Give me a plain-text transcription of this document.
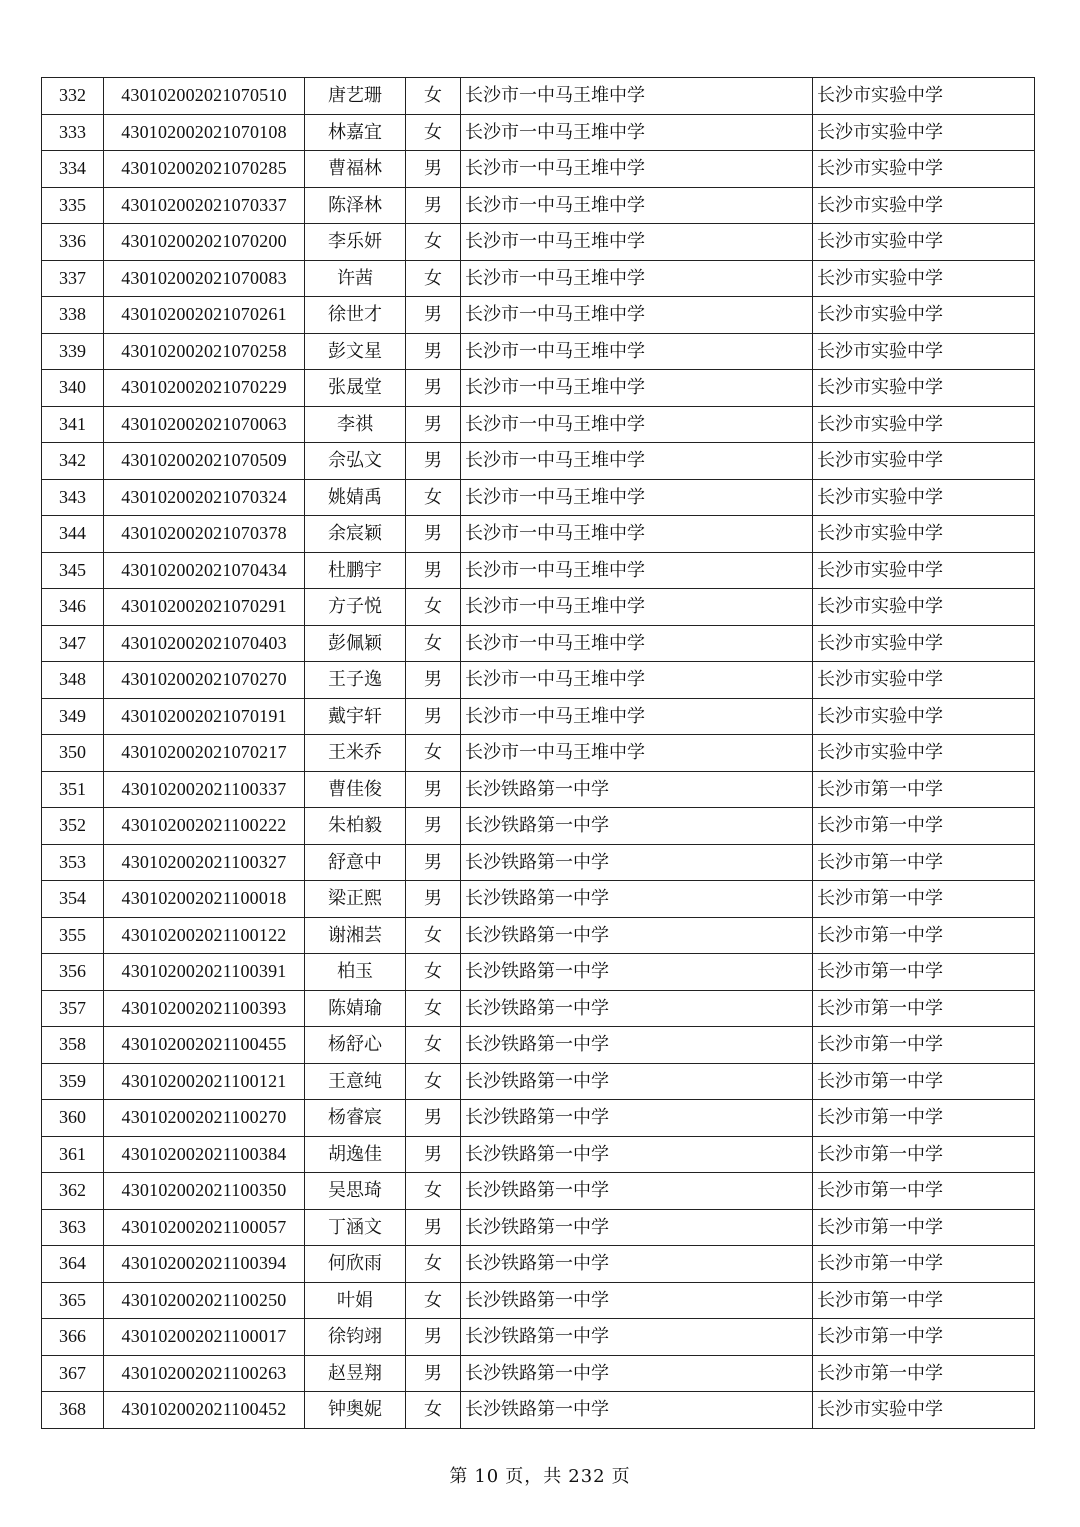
332	430102002021070510	唐艺珊	女	长沙市一中马王堆中学	长沙市实验中学
333	430102002021070108	林嘉宜	女	长沙市一中马王堆中学	长沙市实验中学
334	430102002021070285	曹福林	男	长沙市一中马王堆中学	长沙市实验中学
335	430102002021070337	陈泽林	男	长沙市一中马王堆中学	长沙市实验中学
336	430102002021070200	李乐妍	女	长沙市一中马王堆中学	长沙市实验中学
337	430102002021070083	许茜	女	长沙市一中马王堆中学	长沙市实验中学
338	430102002021070261	徐世才	男	长沙市一中马王堆中学	长沙市实验中学
339	430102002021070258	彭文星	男	长沙市一中马王堆中学	长沙市实验中学
340	430102002021070229	张晟堂	男	长沙市一中马王堆中学	长沙市实验中学
341	430102002021070063	李祺	男	长沙市一中马王堆中学	长沙市实验中学
342	430102002021070509	佘弘文	男	长沙市一中马王堆中学	长沙市实验中学
343	430102002021070324	姚婧禹	女	长沙市一中马王堆中学	长沙市实验中学
344	430102002021070378	余宸颖	男	长沙市一中马王堆中学	长沙市实验中学
345	430102002021070434	杜鹏宇	男	长沙市一中马王堆中学	长沙市实验中学
346	430102002021070291	方子悦	女	长沙市一中马王堆中学	长沙市实验中学
347	430102002021070403	彭佩颖	女	长沙市一中马王堆中学	长沙市实验中学
348	430102002021070270	王子逸	男	长沙市一中马王堆中学	长沙市实验中学
349	430102002021070191	戴宇轩	男	长沙市一中马王堆中学	长沙市实验中学
350	430102002021070217	王米乔	女	长沙市一中马王堆中学	长沙市实验中学
351	430102002021100337	曹佳俊	男	长沙铁路第一中学	长沙市第一中学
352	430102002021100222	朱柏毅	男	长沙铁路第一中学	长沙市第一中学
353	430102002021100327	舒意中	男	长沙铁路第一中学	长沙市第一中学
354	430102002021100018	梁正熙	男	长沙铁路第一中学	长沙市第一中学
355	430102002021100122	谢湘芸	女	长沙铁路第一中学	长沙市第一中学
356	430102002021100391	柏玉	女	长沙铁路第一中学	长沙市第一中学
357	430102002021100393	陈婧瑜	女	长沙铁路第一中学	长沙市第一中学
358	430102002021100455	杨舒心	女	长沙铁路第一中学	长沙市第一中学
359	430102002021100121	王意纯	女	长沙铁路第一中学	长沙市第一中学
360	430102002021100270	杨睿宸	男	长沙铁路第一中学	长沙市第一中学
361	430102002021100384	胡逸佳	男	长沙铁路第一中学	长沙市第一中学
362	430102002021100350	吴思琦	女	长沙铁路第一中学	长沙市第一中学
363	430102002021100057	丁涵文	男	长沙铁路第一中学	长沙市第一中学
364	430102002021100394	何欣雨	女	长沙铁路第一中学	长沙市第一中学
365	430102002021100250	叶娟	女	长沙铁路第一中学	长沙市第一中学
366	430102002021100017	徐钧翊	男	长沙铁路第一中学	长沙市第一中学
367	430102002021100263	赵昱翔	男	长沙铁路第一中学	长沙市第一中学
368	430102002021100452	钟奥妮	女	长沙铁路第一中学	长沙市实验中学
第 10 页，共 232 页
